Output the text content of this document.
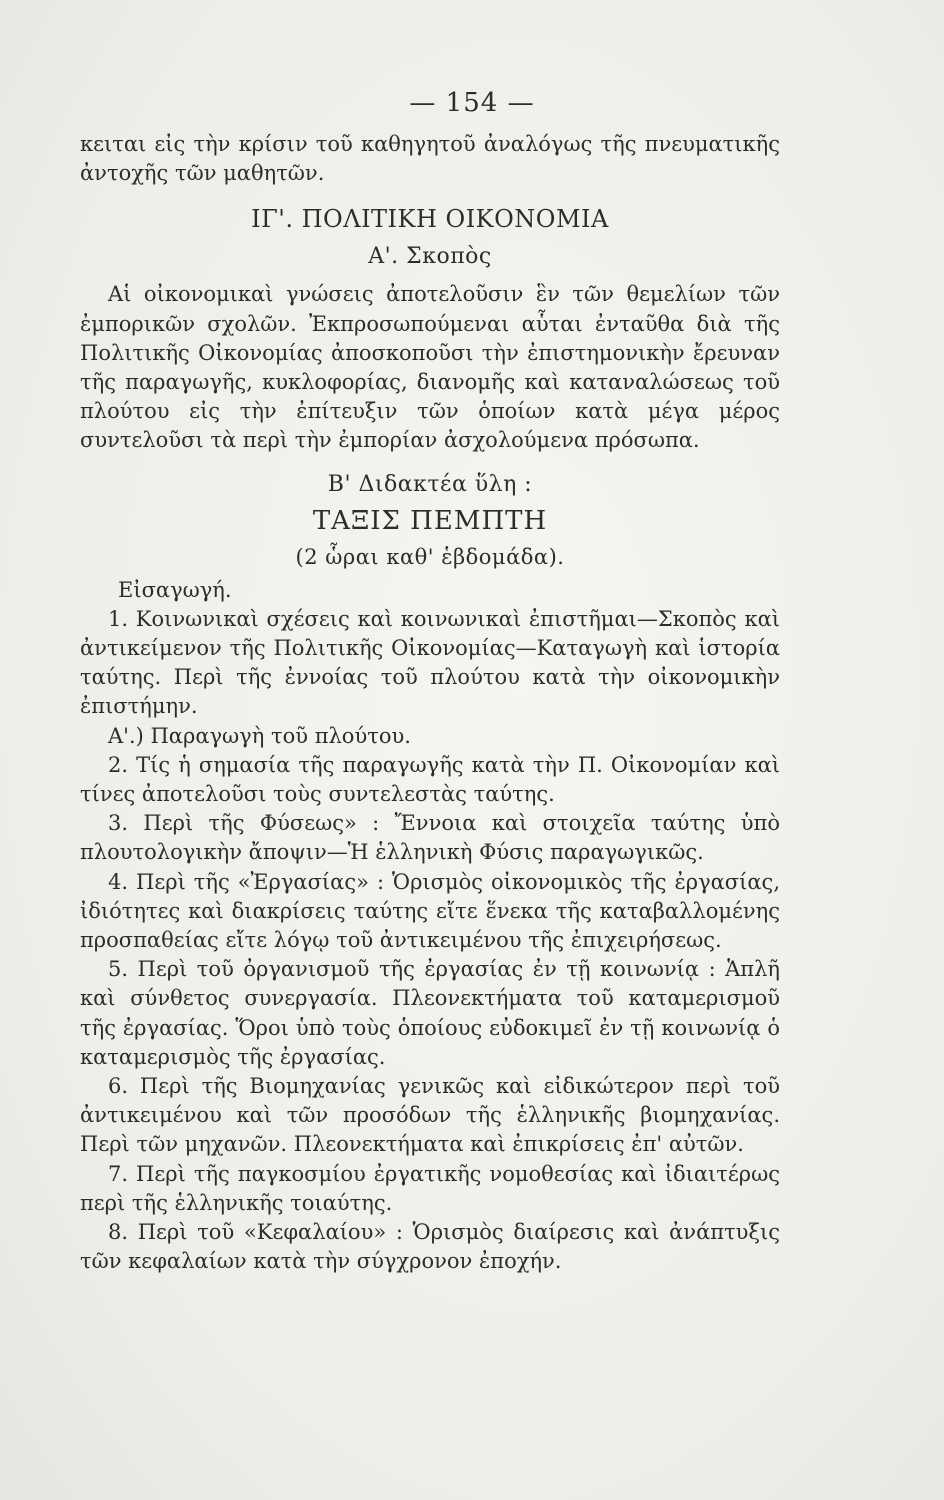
— 154 —

κειται εἰς τὴν κρίσιν τοῦ καθηγητοῦ ἀναλόγως τῆς πνευματικῆς ἀντοχῆς τῶν μαθητῶν.

ΙΓ'. ΠΟΛΙΤΙΚΗ ΟΙΚΟΝΟΜΙΑ
Α'. Σκοπὸς

Αἱ οἰκονομικαὶ γνώσεις ἀποτελοῦσιν ἓν τῶν θεμελίων τῶν ἐμπορικῶν σχολῶν. Ἐκπροσωπούμεναι αὗται ἐνταῦθα διὰ τῆς Πολιτικῆς Οἰκονομίας ἀποσκοποῦσι τὴν ἐπιστημονικὴν ἔρευναν τῆς παραγωγῆς, κυκλοφορίας, διανομῆς καὶ καταναλώσεως τοῦ πλούτου εἰς τὴν ἐπίτευξιν τῶν ὁποίων κατὰ μέγα μέρος συντελοῦσι τὰ περὶ τὴν ἐμπορίαν ἀσχολούμενα πρόσωπα.

Β' Διδακτέα ὕλη :
ΤΑΞΙΣ ΠΕΜΠΤΗ
(2 ὧραι καθ' ἑβδομάδα).
Εἰσαγωγή.

1. Κοινωνικαὶ σχέσεις καὶ κοινωνικαὶ ἐπιστῆμαι—Σκοπὸς καὶ ἀντικείμενον τῆς Πολιτικῆς Οἰκονομίας—Καταγωγὴ καὶ ἱστορία ταύτης. Περὶ τῆς ἐννοίας τοῦ πλούτου κατὰ τὴν οἰκονομικὴν ἐπιστήμην.

Α'.) Παραγωγὴ τοῦ πλούτου.

2. Τίς ἡ σημασία τῆς παραγωγῆς κατὰ τὴν Π. Οἰκονομίαν καὶ τίνες ἀποτελοῦσι τοὺς συντελεστὰς ταύτης.

3. Περὶ τῆς Φύσεως» : Ἔννοια καὶ στοιχεῖα ταύτης ὑπὸ πλουτολογικὴν ἄποψιν—Ἡ ἑλληνικὴ Φύσις παραγωγικῶς.

4. Περὶ τῆς «Ἐργασίας» : Ὁρισμὸς οἰκονομικὸς τῆς ἐργασίας, ἰδιότητες καὶ διακρίσεις ταύτης εἴτε ἕνεκα τῆς καταβαλλομένης προσπαθείας εἴτε λόγῳ τοῦ ἀντικειμένου τῆς ἐπιχειρήσεως.

5. Περὶ τοῦ ὀργανισμοῦ τῆς ἐργασίας ἐν τῇ κοινωνίᾳ : Ἁπλῆ καὶ σύνθετος συνεργασία. Πλεονεκτήματα τοῦ καταμερισμοῦ τῆς ἐργασίας. Ὅροι ὑπὸ τοὺς ὁποίους εὐδοκιμεῖ ἐν τῇ κοινωνίᾳ ὁ καταμερισμὸς τῆς ἐργασίας.

6. Περὶ τῆς Βιομηχανίας γενικῶς καὶ εἰδικώτερον περὶ τοῦ ἀντικειμένου καὶ τῶν προσόδων τῆς ἑλληνικῆς βιομηχανίας. Περὶ τῶν μηχανῶν. Πλεονεκτήματα καὶ ἐπικρίσεις ἐπ' αὐτῶν.

7. Περὶ τῆς παγκοσμίου ἐργατικῆς νομοθεσίας καὶ ἰδιαιτέρως περὶ τῆς ἑλληνικῆς τοιαύτης.

8. Περὶ τοῦ «Κεφαλαίου» : Ὁρισμὸς διαίρεσις καὶ ἀνάπτυξις τῶν κεφαλαίων κατὰ τὴν σύγχρονον ἐποχήν.
